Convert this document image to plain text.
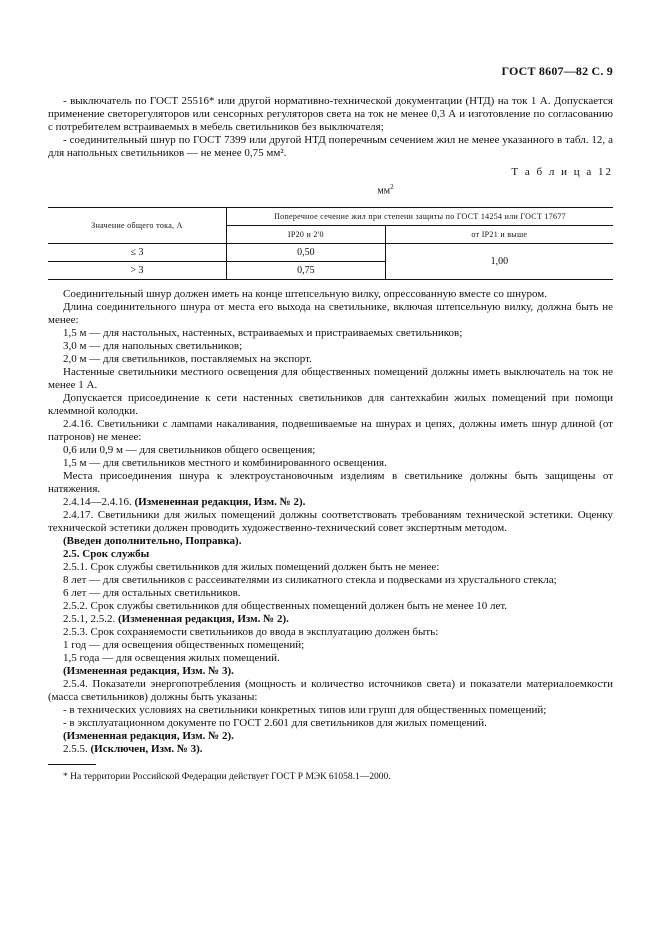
ГОСТ 8607—82 С. 9

- выключатель по ГОСТ 25516* или другой нормативно-технической документации (НТД) на ток 1 А. Допускается применение светорегуляторов или сенсорных регуляторов света на ток не менее 0,3 А и изготовление по согласованию с потребителем встраиваемых в мебель светильников без выключателя;

- соединительный шнур по ГОСТ 7399 или другой НТД поперечным сечением жил не менее указанного в табл. 12, а для напольных светильников — не менее 0,75 мм².

Т а б л и ц а 12
$мм^2$
Значение общего тока, А	Поперечное сечение жил при степени защиты по ГОСТ 14254 или ГОСТ 17677	
	IP20 и 2'0	от IP21 и выше
≤ 3	0,50	1,00
> 3	0,75	

Соединительный шнур должен иметь на конце штепсельную вилку, опрессованную вместе со шнуром.

Длина соединительного шнура от места его выхода на светильнике, включая штепсельную вилку, должна быть не менее:

1,5 м — для настольных, настенных, встраиваемых и пристраиваемых светильников;

3,0 м — для напольных светильников;

2,0 м — для светильников, поставляемых на экспорт.

Настенные светильники местного освещения для общественных помещений должны иметь выключатель на ток не менее 1 А.

Допускается присоединение к сети настенных светильников для сантехкабин жилых помещений при помощи клеммной колодки.

2.4.16. Светильники с лампами накаливания, подвешиваемые на шнурах и цепях, должны иметь шнур длиной (от патронов) не менее:

0,6 или 0,9 м — для светильников общего освещения;

1,5 м — для светильников местного и комбинированного освещения.

Места присоединения шнура к электроустановочным изделиям в светильнике должны быть защищены от натяжения.

2.4.14—2.4.16. (Измененная редакция, Изм. № 2).

2.4.17. Светильники для жилых помещений должны соответствовать требованиям технической эстетики. Оценку технической эстетики должен проводить художественно-технический совет экспертным методом.

(Введен дополнительно, Поправка).

2.5. Срок службы

2.5.1. Срок службы светильников для жилых помещений должен быть не менее:

8 лет — для светильников с рассеивателями из силикатного стекла и подвесками из хрустального стекла;

6 лет — для остальных светильников.

2.5.2. Срок службы светильников для общественных помещений должен быть не менее 10 лет.

2.5.1, 2.5.2. (Измененная редакция, Изм. № 2).

2.5.3. Срок сохраняемости светильников до ввода в эксплуатацию должен быть:

1 год — для освещения общественных помещений;

1,5 года — для освещения жилых помещений.

(Измененная редакция, Изм. № 3).

2.5.4. Показатели энергопотребления (мощность и количество источников света) и показатели материалоемкости (масса светильников) должны быть указаны:

- в технических условиях на светильники конкретных типов или групп для общественных помещений;

- в эксплуатационном документе по ГОСТ 2.601 для светильников для жилых помещений.

(Измененная редакция, Изм. № 2).

2.5.5. (Исключен, Изм. № 3).

* На территории Российской Федерации действует ГОСТ Р МЭК 61058.1—2000.
